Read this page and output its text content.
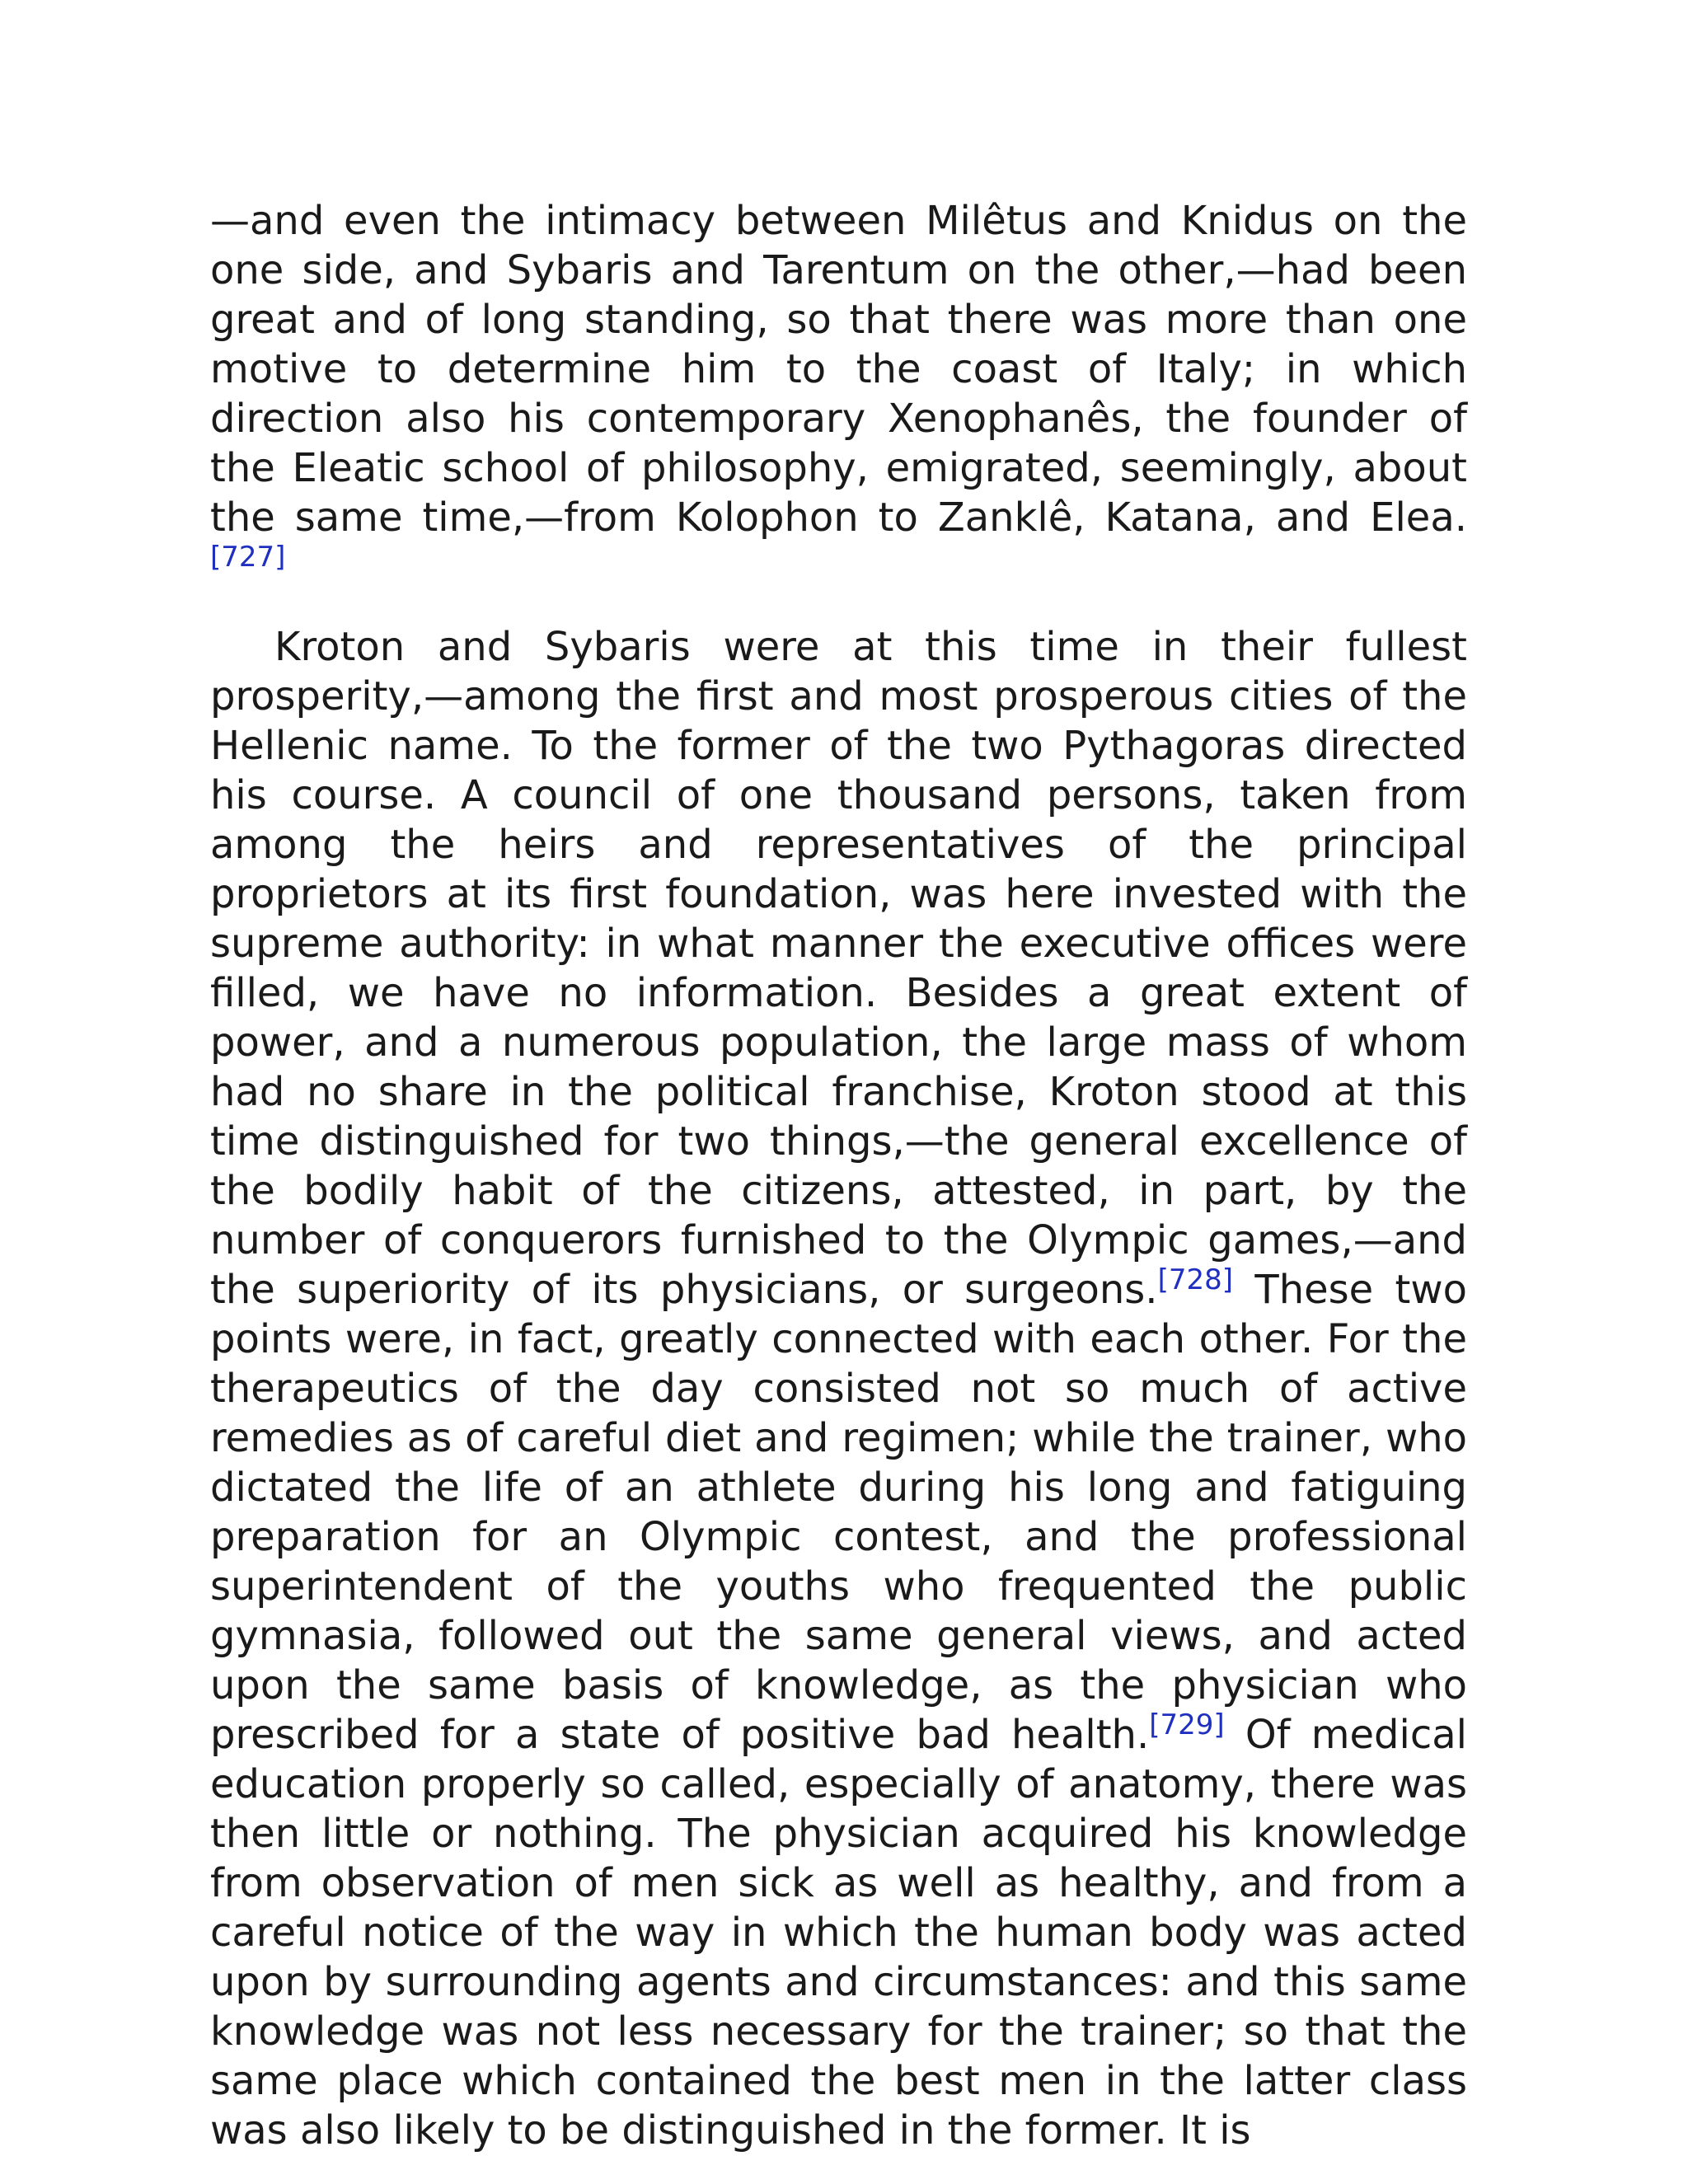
—and even the intimacy between Milêtus and Knidus on the one side, and Sybaris and Tarentum on the other,—had been great and of long standing, so that there was more than one motive to determine him to the coast of Italy; in which direction also his contemporary Xenophanês, the founder of the Eleatic school of philosophy, emigrated, seemingly, about the same time,—from Kolophon to Zanklê, Katana, and Elea.[727]

Kroton and Sybaris were at this time in their fullest prosperity,—among the first and most prosperous cities of the Hellenic name. To the former of the two Pythagoras directed his course. A council of one thousand persons, taken from among the heirs and representatives of the principal proprietors at its first foundation, was here invested with the supreme authority: in what manner the executive offices were filled, we have no information. Besides a great extent of power, and a numerous population, the large mass of whom had no share in the political franchise, Kroton stood at this time distinguished for two things,—the general excellence of the bodily habit of the citizens, attested, in part, by the number of conquerors furnished to the Olympic games,—and the superiority of its physicians, or surgeons.[728] These two points were, in fact, greatly connected with each other. For the therapeutics of the day consisted not so much of active remedies as of careful diet and regimen; while the trainer, who dictated the life of an athlete during his long and fatiguing preparation for an Olympic contest, and the professional superintendent of the youths who frequented the public gymnasia, followed out the same general views, and acted upon the same basis of knowledge, as the physician who prescribed for a state of positive bad health.[729] Of medical education properly so called, especially of anatomy, there was then little or nothing. The physician acquired his knowledge from observation of men sick as well as healthy, and from a careful notice of the way in which the human body was acted upon by surrounding agents and circumstances: and this same knowledge was not less necessary for the trainer; so that the same place which contained the best men in the latter class was also likely to be distinguished in the former. It is
